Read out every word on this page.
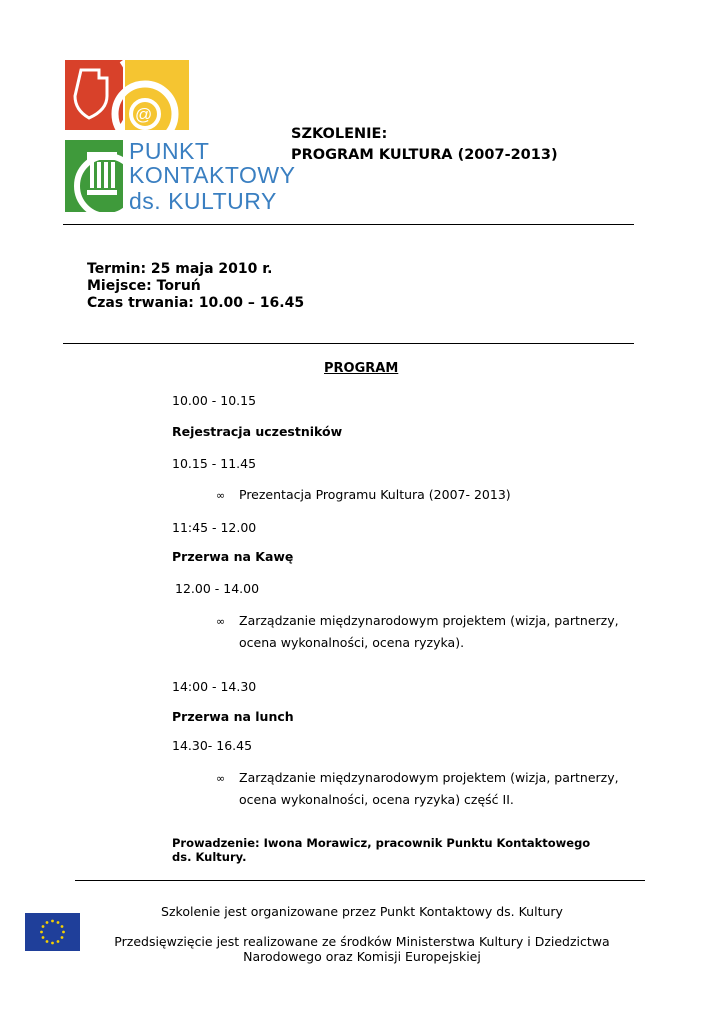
@
PUNKT
KONTAKTOWY
ds. KULTURY
SZKOLENIE:
PROGRAM KULTURA (2007-2013)
Termin: 25 maja 2010 r.
Miejsce: Toruń
Czas trwania: 10.00 – 16.45
PROGRAM
10.00 - 10.15
Rejestracja uczestników
10.15 - 11.45
∞ Prezentacja Programu Kultura (2007- 2013)
11:45 - 12.00
Przerwa na Kawę
12.00 - 14.00
∞ Zarządzanie międzynarodowym projektem (wizja, partnerzy,
ocena wykonalności, ocena ryzyka).
14:00 - 14.30
Przerwa na lunch
14.30- 16.45
∞ Zarządzanie międzynarodowym projektem (wizja, partnerzy,
ocena wykonalności, ocena ryzyka) część II.
Prowadzenie: Iwona Morawicz, pracownik Punktu Kontaktowego ds. Kultury.
Szkolenie jest organizowane przez Punkt Kontaktowy ds. Kultury
Przedsięwzięcie jest realizowane ze środków Ministerstwa Kultury i Dziedzictwa
Narodowego oraz Komisji Europejskiej
